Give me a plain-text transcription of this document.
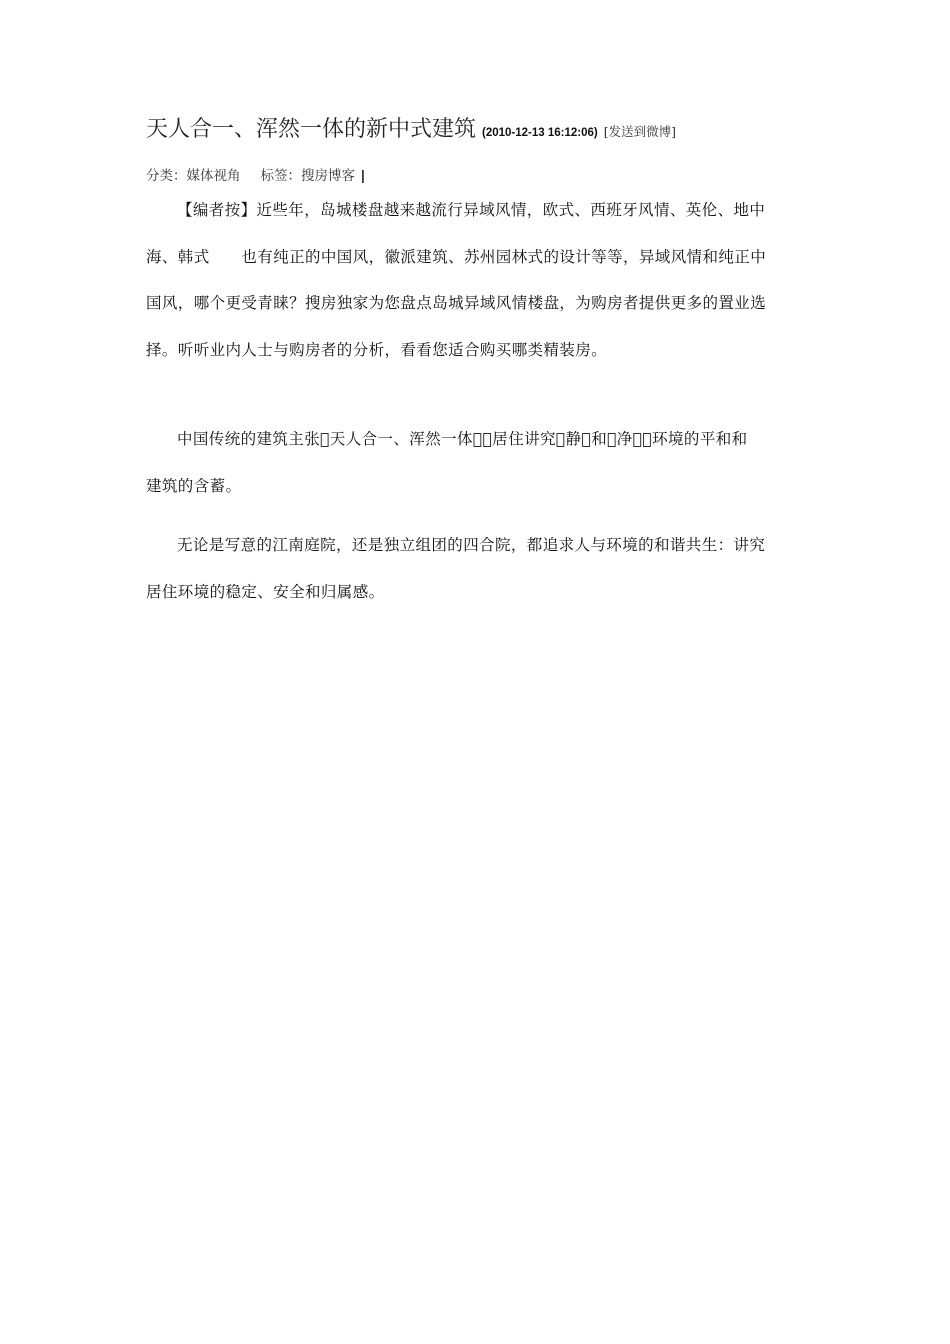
天人合一、浑然一体的新中式建筑 (2010-12-13 16:12:06) [发送到微博]
分类：媒体视角 标签：搜房博客 |
【编者按】近些年，岛城楼盘越来越流行异域风情，欧式、西班牙风情、英伦、地中
海、韩式　　也有纯正的中国风，徽派建筑、苏州园林式的设计等等，异域风情和纯正中
国风，哪个更受青睐？搜房独家为您盘点岛城异域风情楼盘，为购房者提供更多的置业选
择。听听业内人士与购房者的分析，看看您适合购买哪类精装房。
中国传统的建筑主张􀀀天人合一、浑然一体􀀀，居住讲究􀀀静􀀀和􀀀净􀀀，环境的平和和
建筑的含蓄。
无论是写意的江南庭院，还是独立组团的四合院，都追求人与环境的和谐共生：讲究
居住环境的稳定、安全和归属感。
